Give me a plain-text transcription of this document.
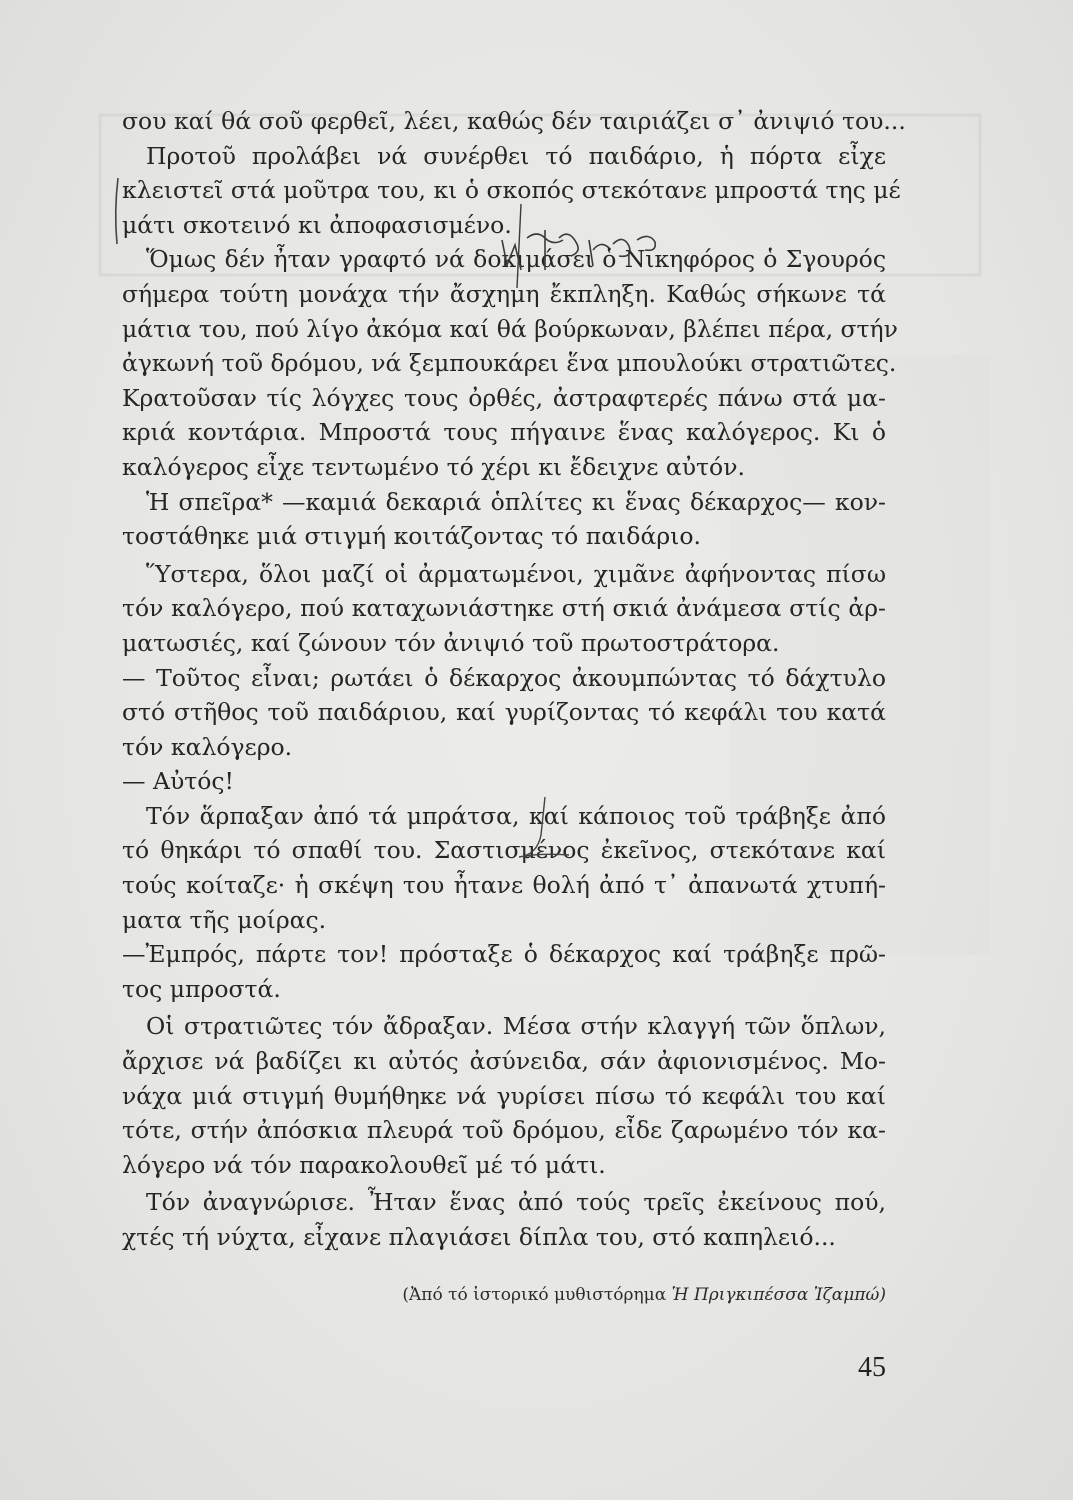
σου καί θά σοῦ φερθεῖ, λέει, καθώς δέν ταιριάζει σ᾽ ἀνιψιό του...
Προτοῦ προλάβει νά συνέρθει τό παιδάριο, ἡ πόρτα εἶχε
κλειστεῖ στά μοῦτρα του, κι ὁ σκοπός στεκότανε μπροστά της μέ
μάτι σκοτεινό κι ἀποφασισμένο.
Ὅμως δέν ἦταν γραφτό νά δοκιμάσει ὁ Νικηφόρος ὁ Σγουρός
σήμερα τούτη μονάχα τήν ἄσχημη ἔκπληξη. Καθώς σήκωνε τά
μάτια του, πού λίγο ἀκόμα καί θά βούρκωναν, βλέπει πέρα, στήν
ἀγκωνή τοῦ δρόμου, νά ξεμπουκάρει ἕνα μπουλούκι στρατιῶτες.
Κρατοῦσαν τίς λόγχες τους ὀρθές, ἀστραφτερές πάνω στά μα-
κριά κοντάρια. Μπροστά τους πήγαινε ἕνας καλόγερος. Κι ὁ
καλόγερος εἶχε τεντωμένο τό χέρι κι ἔδειχνε αὐτόν.
Ἡ σπεῖρα* —καμιά δεκαριά ὁπλίτες κι ἕνας δέκαρχος— κον-
τοστάθηκε μιά στιγμή κοιτάζοντας τό παιδάριο.
Ὕστερα, ὅλοι μαζί οἱ ἀρματωμένοι, χιμᾶνε ἀφήνοντας πίσω
τόν καλόγερο, πού καταχωνιάστηκε στή σκιά ἀνάμεσα στίς ἀρ-
ματωσιές, καί ζώνουν τόν ἀνιψιό τοῦ πρωτοστράτορα.
— Τοῦτος εἶναι; ρωτάει ὁ δέκαρχος ἀκουμπώντας τό δάχτυλο
στό στῆθος τοῦ παιδάριου, καί γυρίζοντας τό κεφάλι του κατά
τόν καλόγερο.
— Αὐτός!
Τόν ἅρπαξαν ἀπό τά μπράτσα, καί κάποιος τοῦ τράβηξε ἀπό
τό θηκάρι τό σπαθί του. Σαστισμένος ἐκεῖνος, στεκότανε καί
τούς κοίταζε· ἡ σκέψη του ἦτανε θολή ἀπό τ᾽ ἀπανωτά χτυπή-
ματα τῆς μοίρας.
—Ἐμπρός, πάρτε τον! πρόσταξε ὁ δέκαρχος καί τράβηξε πρῶ-
τος μπροστά.
Οἱ στρατιῶτες τόν ἄδραξαν. Μέσα στήν κλαγγή τῶν ὅπλων,
ἄρχισε νά βαδίζει κι αὐτός ἀσύνειδα, σάν ἀφιονισμένος. Μο-
νάχα μιά στιγμή θυμήθηκε νά γυρίσει πίσω τό κεφάλι του καί
τότε, στήν ἀπόσκια πλευρά τοῦ δρόμου, εἶδε ζαρωμένο τόν κα-
λόγερο νά τόν παρακολουθεῖ μέ τό μάτι.
Τόν ἀναγνώρισε. Ἦταν ἕνας ἀπό τούς τρεῖς ἐκείνους πού,
χτές τή νύχτα, εἶχανε πλαγιάσει δίπλα του, στό καπηλειό...
(Ἀπό τό ἱστορικό μυθιστόρημα Ἡ Πριγκιπέσσα Ἰζαμπώ)
45
